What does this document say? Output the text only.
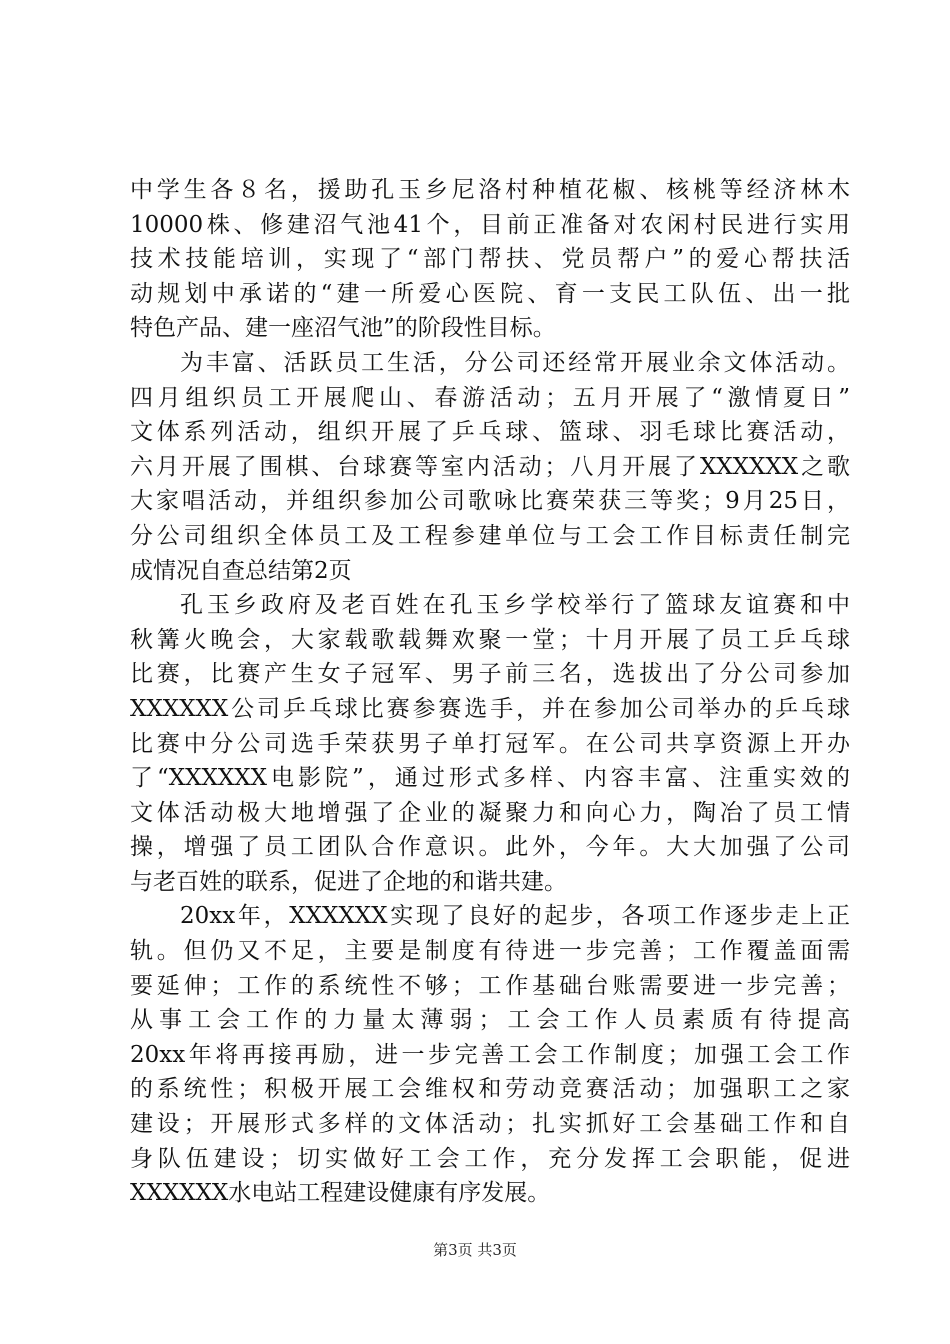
中学生各８名，援助孔玉乡尼洛村种植花椒、核桃等经济林木
10000株、修建沼气池41个，目前正准备对农闲村民进行实用
技术技能培训，实现了“部门帮扶、党员帮户”的爱心帮扶活
动规划中承诺的“建一所爱心医院、育一支民工队伍、出一批
特色产品、建一座沼气池”的阶段性目标。
为丰富、活跃员工生活，分公司还经常开展业余文体活动。
四月组织员工开展爬山、春游活动；五月开展了“激情夏日”
文体系列活动，组织开展了乒乓球、篮球、羽毛球比赛活动，
六月开展了围棋、台球赛等室内活动；八月开展了XXXXXX之歌
大家唱活动，并组织参加公司歌咏比赛荣获三等奖；9月25日，
分公司组织全体员工及工程参建单位与工会工作目标责任制完
成情况自查总结第2页
孔玉乡政府及老百姓在孔玉乡学校举行了篮球友谊赛和中
秋篝火晚会，大家载歌载舞欢聚一堂；十月开展了员工乒乓球
比赛，比赛产生女子冠军、男子前三名，选拔出了分公司参加
XXXXXX公司乒乓球比赛参赛选手，并在参加公司举办的乒乓球
比赛中分公司选手荣获男子单打冠军。在公司共享资源上开办
了“XXXXXX电影院”，通过形式多样、内容丰富、注重实效的
文体活动极大地增强了企业的凝聚力和向心力，陶冶了员工情
操，增强了员工团队合作意识。此外，今年。大大加强了公司
与老百姓的联系，促进了企地的和谐共建。
20xx年，XXXXXX实现了良好的起步，各项工作逐步走上正
轨。但仍又不足，主要是制度有待进一步完善；工作覆盖面需
要延伸；工作的系统性不够；工作基础台账需要进一步完善；
从事工会工作的力量太薄弱；工会工作人员素质有待提高
20xx年将再接再励，进一步完善工会工作制度；加强工会工作
的系统性；积极开展工会维权和劳动竞赛活动；加强职工之家
建设；开展形式多样的文体活动；扎实抓好工会基础工作和自
身队伍建设；切实做好工会工作，充分发挥工会职能，促进
XXXXXX水电站工程建设健康有序发展。
第3页 共3页
